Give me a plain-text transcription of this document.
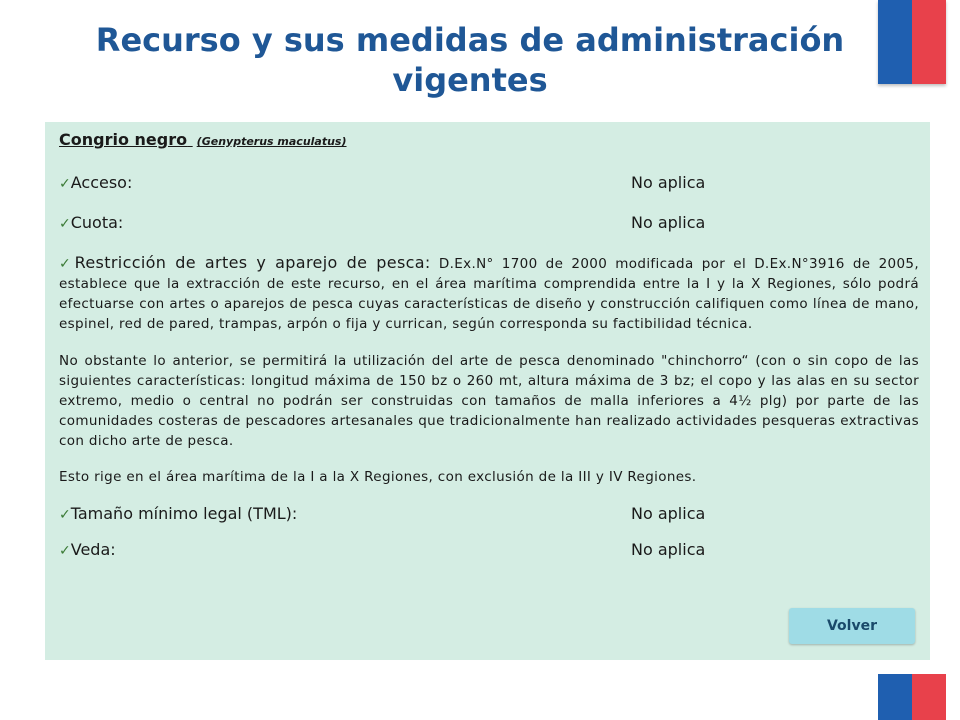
Recurso y sus medidas de administración vigentes

Congrio negro (Genypterus maculatus)

✓Acceso:	No aplica
✓Cuota:	No aplica

✓Restricción de artes y aparejo de pesca: D.Ex.N° 1700 de 2000 modificada por el D.Ex.N°3916 de 2005, establece que la extracción de este recurso, en el área marítima comprendida entre la I y la X Regiones, sólo podrá efectuarse con artes o aparejos de pesca cuyas características de diseño y construcción califiquen como línea de mano, espinel, red de pared, trampas, arpón o fija y currican, según corresponda su factibilidad técnica.

No obstante lo anterior, se permitirá la utilización del arte de pesca denominado "chinchorro“ (con o sin copo de las siguientes características: longitud máxima de 150 bz o 260 mt, altura máxima de 3 bz; el copo y las alas en su sector extremo, medio o central no podrán ser construidas con tamaños de malla inferiores a 4½ plg) por parte de las comunidades costeras de pescadores artesanales que tradicionalmente han realizado actividades pesqueras extractivas con dicho arte de pesca.

Esto rige en el área marítima de la I a la X Regiones, con exclusión de la III y IV Regiones.

✓Tamaño mínimo legal (TML):	No aplica
✓Veda:	No aplica
Volver
